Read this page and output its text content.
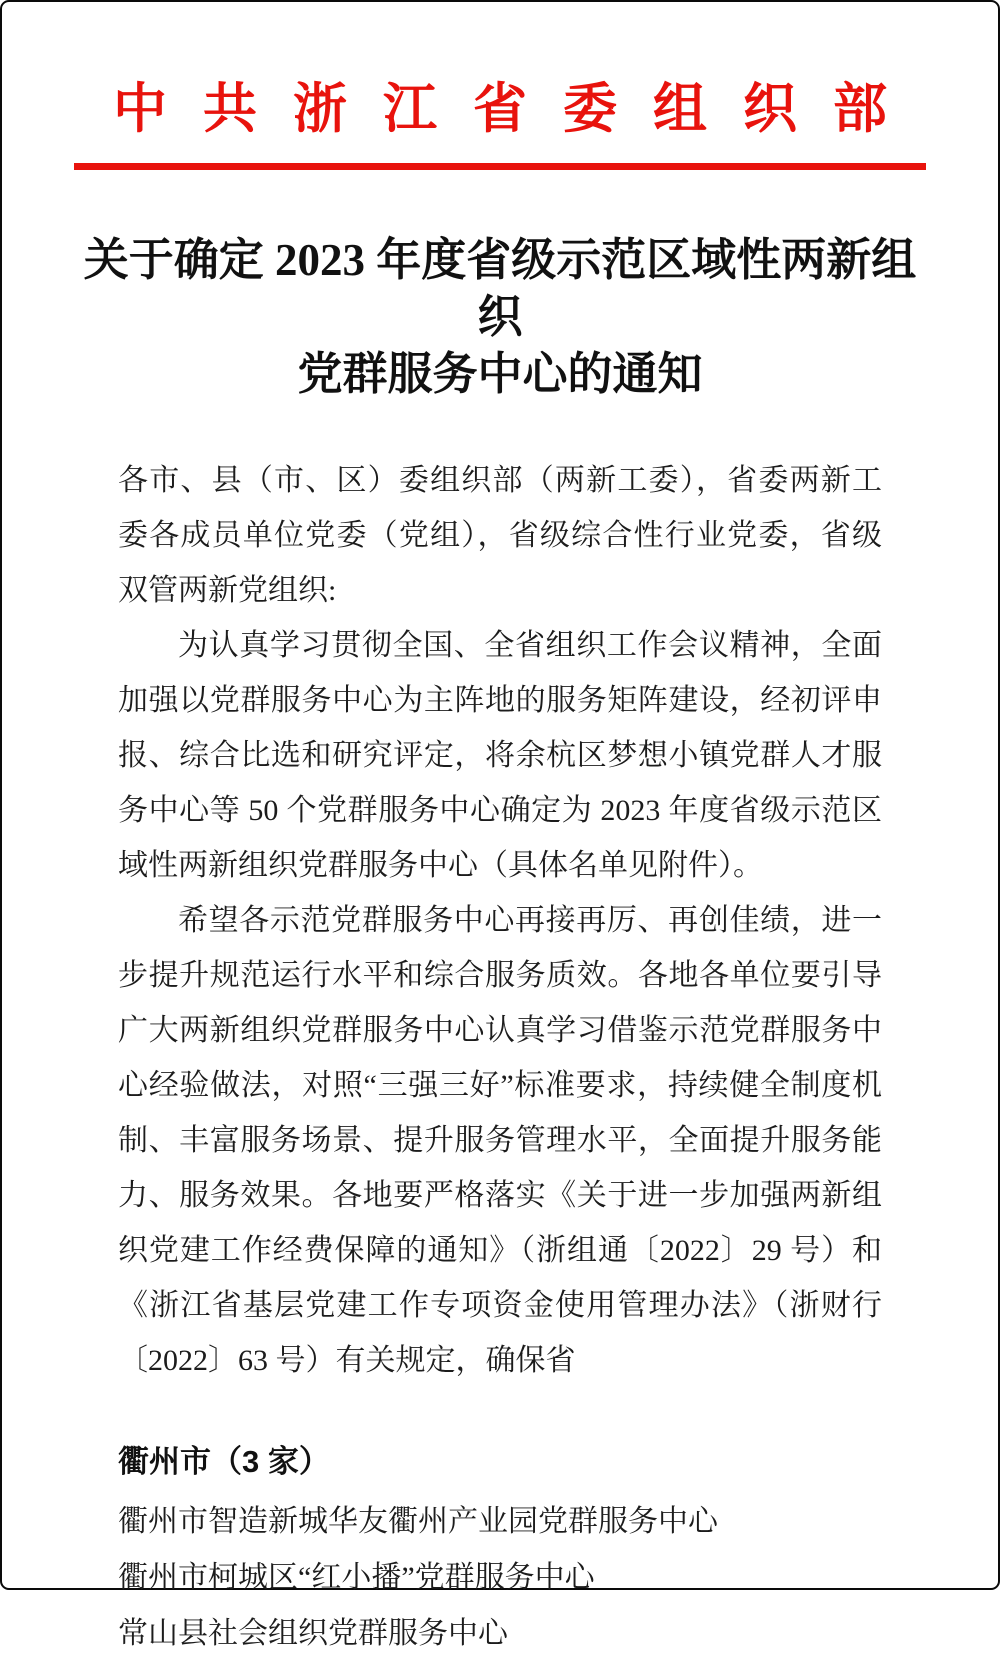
中共浙江省委组织部
关于确定 2023 年度省级示范区域性两新组织
党群服务中心的通知

各市、县（市、区）委组织部（两新工委），省委两新工委各成员单位党委（党组），省级综合性行业党委，省级双管两新党组织:

为认真学习贯彻全国、全省组织工作会议精神，全面加强以党群服务中心为主阵地的服务矩阵建设，经初评申报、综合比选和研究评定，将余杭区梦想小镇党群人才服务中心等 50 个党群服务中心确定为 2023 年度省级示范区域性两新组织党群服务中心（具体名单见附件）。

希望各示范党群服务中心再接再厉、再创佳绩，进一步提升规范运行水平和综合服务质效。各地各单位要引导广大两新组织党群服务中心认真学习借鉴示范党群服务中心经验做法，对照“三强三好”标准要求，持续健全制度机制、丰富服务场景、提升服务管理水平，全面提升服务能力、服务效果。各地要严格落实《关于进一步加强两新组织党建工作经费保障的通知》（浙组通〔2022〕29 号）和《浙江省基层党建工作专项资金使用管理办法》（浙财行〔2022〕63 号）有关规定，确保省

衢州市（3 家）
衢州市智造新城华友衢州产业园党群服务中心
衢州市柯城区“红小播”党群服务中心
常山县社会组织党群服务中心
